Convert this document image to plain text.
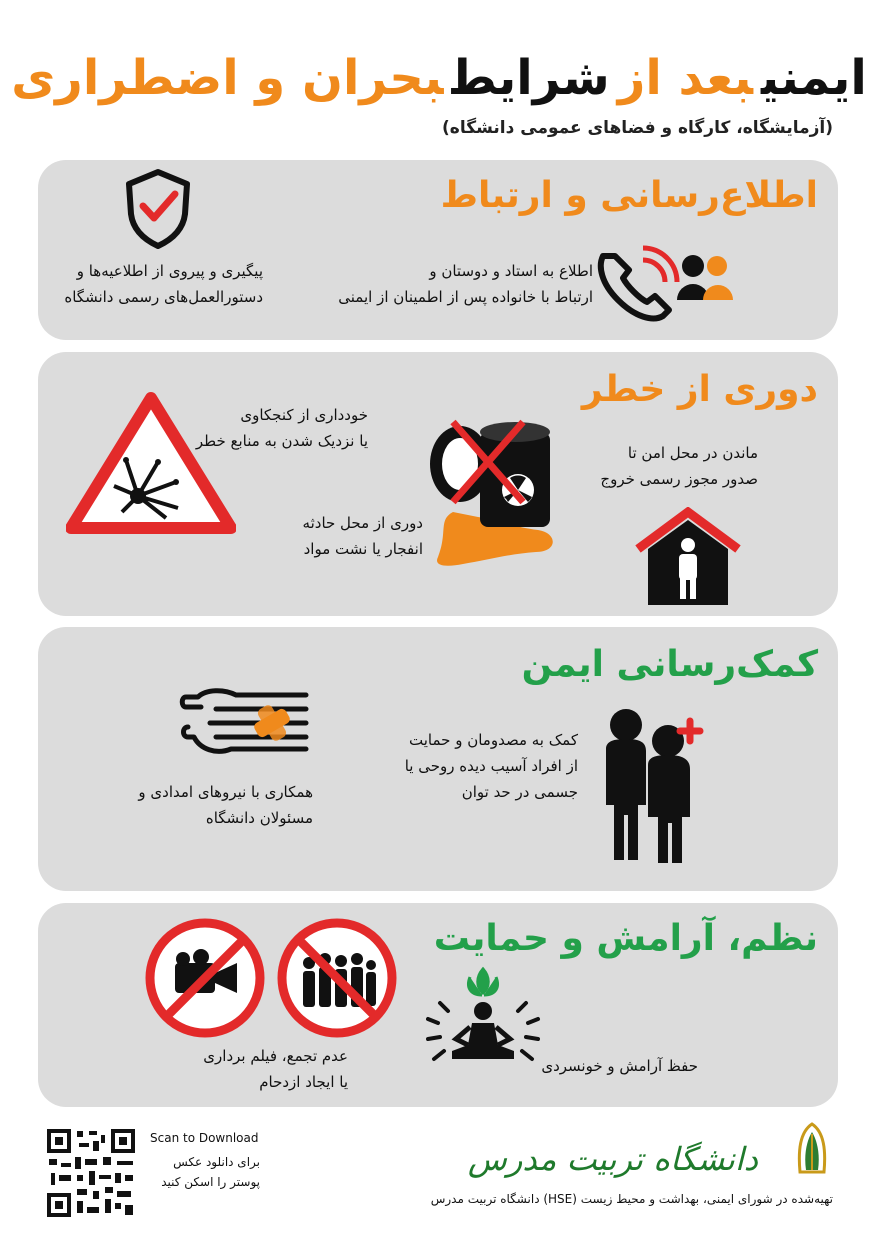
ایمنیبعد ازشرایطبحران و اضطراری
(آزمایشگاه، کارگاه و فضاهای عمومی دانشگاه)
اطلاع‌رسانی و ارتباط
اطلاع به استاد و دوستان و
ارتباط با خانواده پس از اطمینان از ایمنی
پیگیری و پیروی از اطلاعیه‌ها و
دستورالعمل‌های رسمی دانشگاه
دوری از خطر
ماندن در محل امن تا
صدور مجوز رسمی خروج
دوری از محل حادثه
انفجار یا نشت مواد
خودداری از کنجکاوی
یا نزدیک شدن به منابع خطر
کمک‌رسانی ایمن
کمک به مصدومان و حمایت
از افراد آسیب دیده روحی یا
جسمی در حد توان
همکاری با نیروهای امدادی و
مسئولان دانشگاه
نظم، آرامش و حمایت
حفظ آرامش و خونسردی
عدم تجمع، فیلم برداری
یا ایجاد ازدحام
Scan to Download
برای دانلود عکس
پوستر را اسکن کنید
دانشگاه تربیت مدرس
تهیه‌شده در شورای ایمنی، بهداشت و محیط زیست (HSE) دانشگاه تربیت مدرس
